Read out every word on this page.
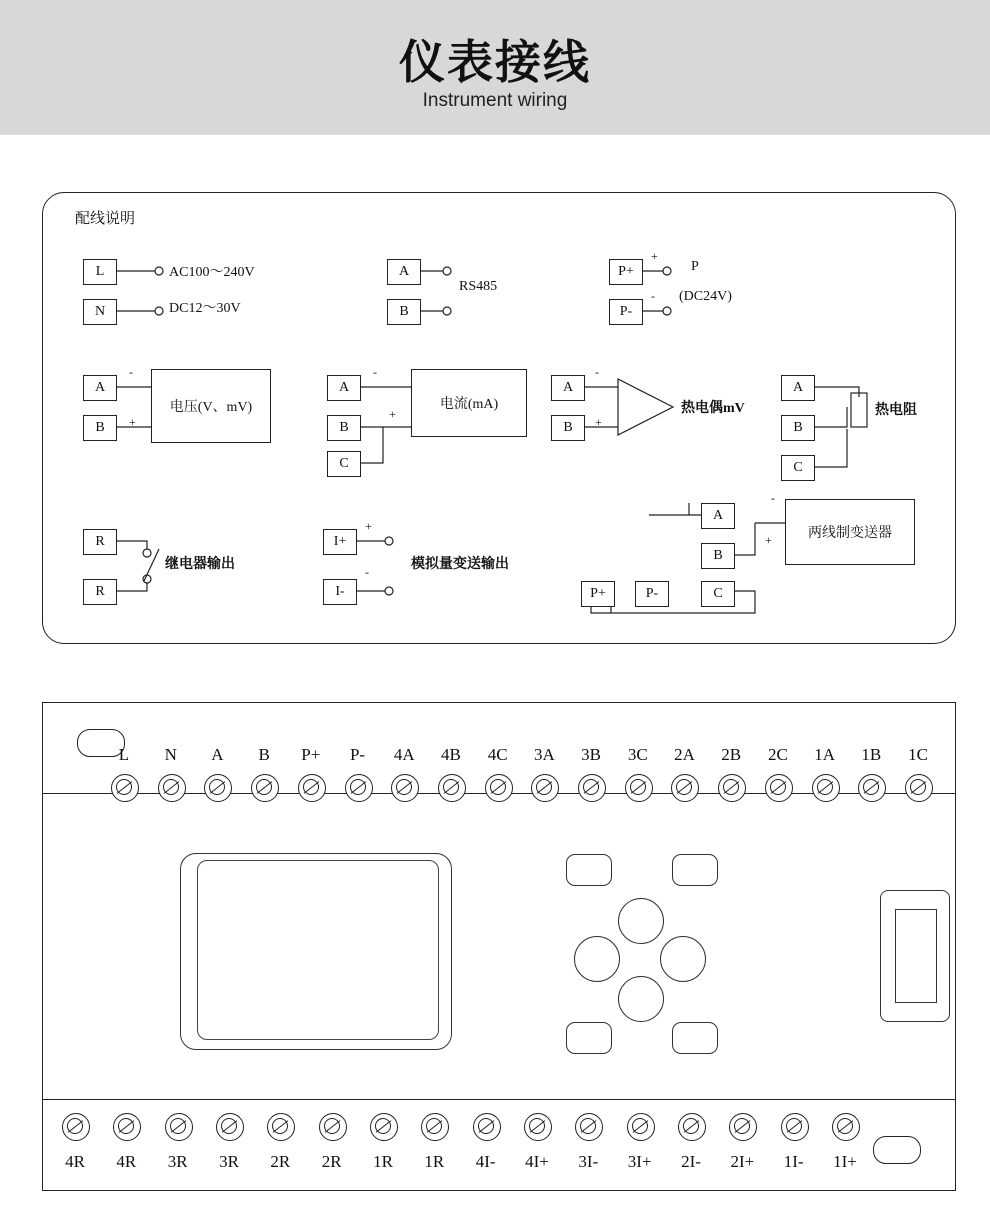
仪表接线
Instrument wiring
配线说明
L
N
AC100～240V
DC12～30V
A
B
RS485
P+
P-
+
-
P
(DC24V)
A
B
-
+
电压(V、mV)
A
B
C
-
+
电流(mA)
A
B
-
+
热电偶mV
A
B
C
热电阻
R
R
继电器输出
I+
I-
+
-	模拟量变送输出
P+	P-
A
B
C
-
+	两线制变送器
L	N	A	B	P+	P-	4A	4B	4C	3A	3B	3C	2A	2B	2C	1A	1B	1C
4R	4R	3R	3R	2R	2R	1R	1R	4I-	4I+	3I-	3I+	2I-	2I+	1I-	1I+
